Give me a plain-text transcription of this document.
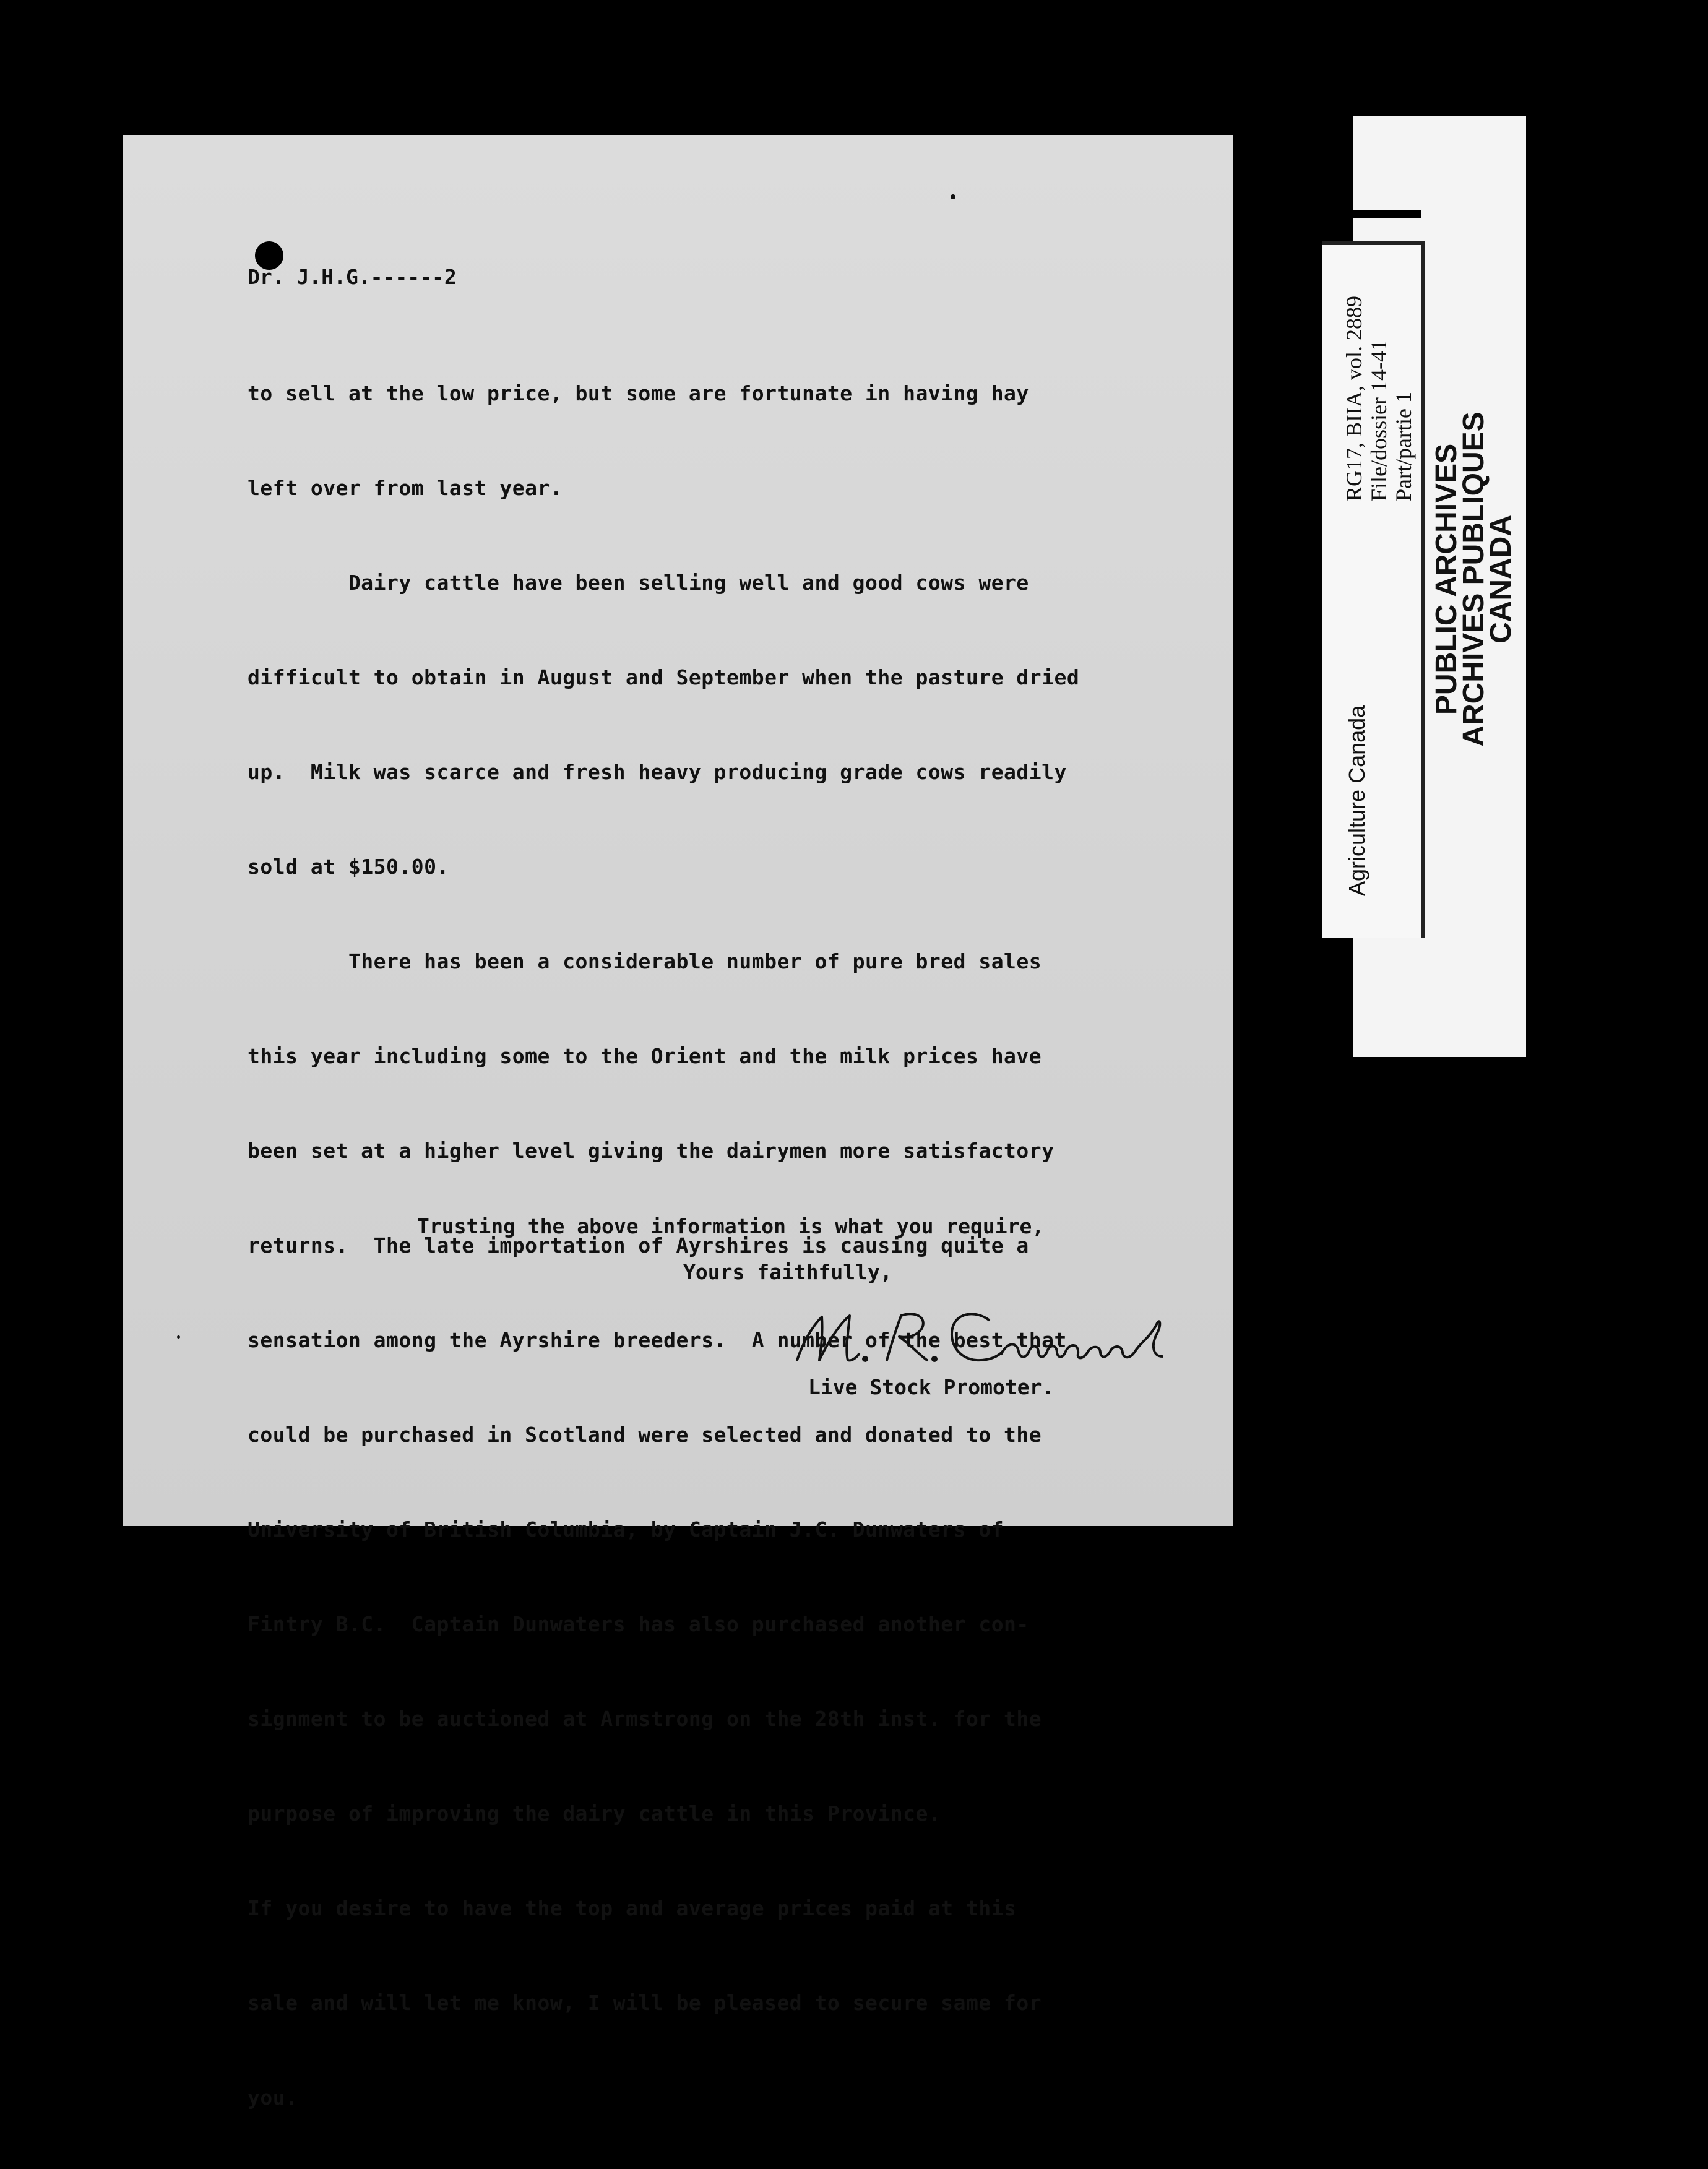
Dr. J.H.G.------2

to sell at the low price, but some are fortunate in having hay

left over from last year.

Dairy cattle have been selling well and good cows were

difficult to obtain in August and September when the pasture dried

up.  Milk was scarce and fresh heavy producing grade cows readily

sold at $150.00.

There has been a considerable number of pure bred sales

this year including some to the Orient and the milk prices have

been set at a higher level giving the dairymen more satisfactory

returns.  The late importation of Ayrshires is causing quite a

sensation among the Ayrshire breeders.  A number of the best that

could be purchased in Scotland were selected and donated to the

University of British Columbia, by Captain J.C. Dunwaters of

Fintry B.C.  Captain Dunwaters has also purchased another con-

signment to be auctioned at Armstrong on the 28th inst. for the

purpose of improving the dairy cattle in this Province.

If you desire to have the top and average prices paid at this

sale and will let me know, I will be pleased to secure same for

you.

Trusting the above information is what you require,
Yours faithfully,
Live Stock Promoter.
RG17, BIIA, vol. 2889 File/dossier 14-41 Part/partie 1
Agriculture Canada
PUBLIC ARCHIVES
ARCHIVES PUBLIQUES
CANADA
